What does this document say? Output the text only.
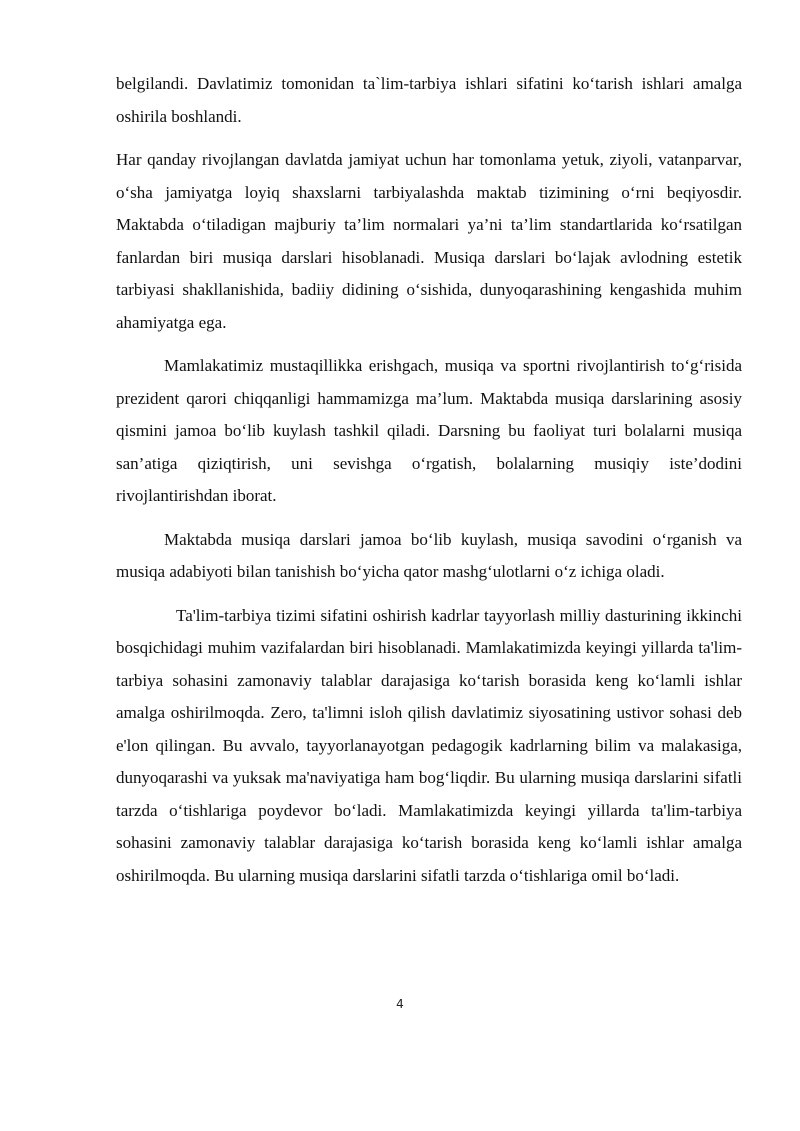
belgilandi. Davlatimiz tomonidan ta`lim-tarbiya ishlari sifatini ko‘tarish ishlari amalga oshirila boshlandi.

Har qanday rivojlangan davlatda jamiyat uchun har tomonlama yetuk, ziyoli, vatanparvar, o‘sha jamiyatga loyiq shaxslarni tarbiyalashda maktab tizimining o‘rni beqiyosdir. Maktabda o‘tiladigan majburiy ta’lim normalari ya’ni ta’lim standartlarida ko‘rsatilgan fanlardan biri musiqa darslari hisoblanadi. Musiqa darslari bo‘lajak avlodning estetik tarbiyasi shakllanishida, badiiy didining o‘sishida, dunyoqarashining kengashida muhim ahamiyatga ega.

Mamlakatimiz mustaqillikka erishgach, musiqa va sportni rivojlantirish to‘g‘risida prezident qarori chiqqanligi hammamizga ma’lum. Maktabda musiqa darslarining asosiy qismini jamoa bo‘lib kuylash tashkil qiladi. Darsning bu faoliyat turi bolalarni musiqa san’atiga qiziqtirish, uni sevishga o‘rgatish, bolalarning musiqiy iste’dodini rivojlantirishdan iborat.

Maktabda musiqa darslari jamoa bo‘lib kuylash, musiqa savodini o‘rganish va musiqa adabiyoti bilan tanishish bo‘yicha qator mashg‘ulotlarni o‘z ichiga oladi.

Ta'lim-tarbiya tizimi sifatini oshirish kadrlar tayyorlash milliy dasturining ikkinchi bosqichidagi muhim vazifalardan biri hisoblanadi. Mamlakatimizda keyingi yillarda ta'lim-tarbiya sohasini zamonaviy talablar darajasiga ko‘tarish borasida keng ko‘lamli ishlar amalga oshirilmoqda. Zero, ta'limni isloh qilish davlatimiz siyosatining ustivor sohasi deb e'lon qilingan. Bu avvalo, tayyorlanayotgan pedagogik kadrlarning bilim va malakasiga, dunyoqarashi va yuksak ma'naviyatiga ham bog‘liqdir. Bu ularning musiqa darslarini sifatli tarzda o‘tishlariga poydevor bo‘ladi. Mamlakatimizda keyingi yillarda ta'lim-tarbiya sohasini zamonaviy talablar darajasiga ko‘tarish borasida keng ko‘lamli ishlar amalga oshirilmoqda. Bu ularning musiqa darslarini sifatli tarzda o‘tishlariga omil bo‘ladi.

4
